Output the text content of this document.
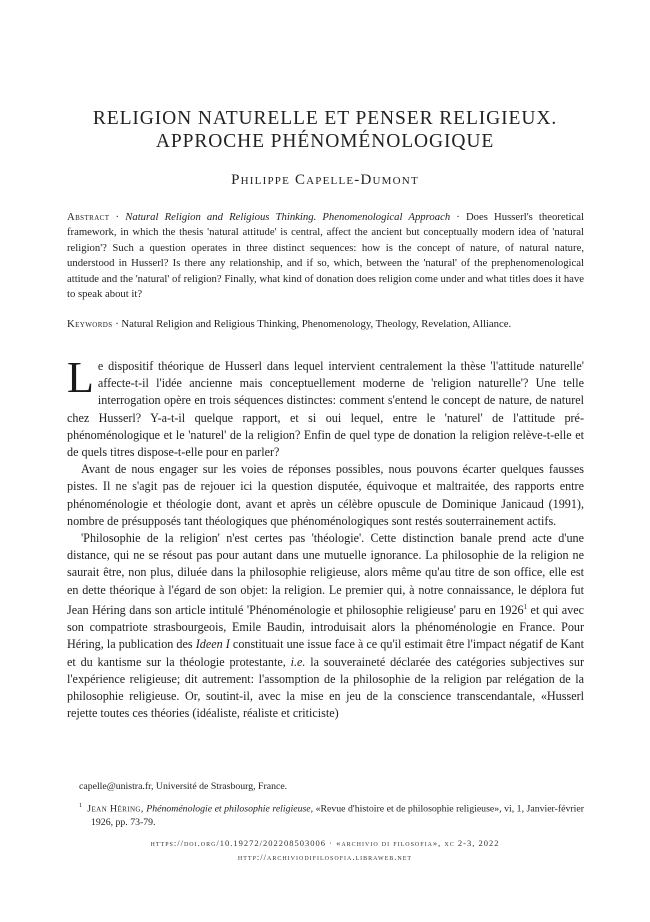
RELIGION NATURELLE ET PENSER RELIGIEUX.
APPROCHE PHÉNOMÉNOLOGIQUE
Philippe Capelle-Dumont
Abstract · Natural Religion and Religious Thinking. Phenomenological Approach · Does Husserl's theoretical framework, in which the thesis 'natural attitude' is central, affect the ancient but conceptually modern idea of 'natural religion'? Such a question operates in three distinct sequences: how is the concept of nature, of natural nature, understood in Husserl? Is there any relationship, and if so, which, between the 'natural' of the prephenomenological attitude and the 'natural' of religion? Finally, what kind of donation does religion come under and what titles does it have to speak about it?
Keywords · Natural Religion and Religious Thinking, Phenomenology, Theology, Revelation, Alliance.

Le dispositif théorique de Husserl dans lequel intervient centralement la thèse 'l'attitude naturelle' affecte-t-il l'idée ancienne mais conceptuellement moderne de 'religion naturelle'? Une telle interrogation opère en trois séquences distinctes: comment s'entend le concept de nature, de naturel chez Husserl? Y-a-t-il quelque rapport, et si oui lequel, entre le 'naturel' de l'attitude pré-phénoménologique et le 'naturel' de la religion? Enfin de quel type de donation la religion relève-t-elle et de quels titres dispose-t-elle pour en parler?

Avant de nous engager sur les voies de réponses possibles, nous pouvons écarter quelques fausses pistes. Il ne s'agit pas de rejouer ici la question disputée, équivoque et maltraitée, des rapports entre phénoménologie et théologie dont, avant et après un célèbre opuscule de Dominique Janicaud (1991), nombre de présupposés tant théologiques que phénoménologiques sont restés souterrainement actifs.

'Philosophie de la religion' n'est certes pas 'théologie'. Cette distinction banale prend acte d'une distance, qui ne se résout pas pour autant dans une mutuelle ignorance. La philosophie de la religion ne saurait être, non plus, diluée dans la philosophie religieuse, alors même qu'au titre de son office, elle est en dette théorique à l'égard de son objet: la religion. Le premier qui, à notre connaissance, le déplora fut Jean Héring dans son article intitulé 'Phénoménologie et philosophie religieuse' paru en 1926$^1$ et qui avec son compatriote strasbourgeois, Emile Baudin, introduisait alors la phénoménologie en France. Pour Héring, la publication des Ideen I constituait une issue face à ce qu'il estimait être l'impact négatif de Kant et du kantisme sur la théologie protestante, i.e. la souveraineté déclarée des catégories subjectives sur l'expérience religieuse; dit autrement: l'assomption de la philosophie de la religion par relégation de la philosophie religieuse. Or, soutint-il, avec la mise en jeu de la conscience transcendantale, «Husserl rejette toutes ces théories (idéaliste, réaliste et criticiste)

capelle@unistra.fr, Université de Strasbourg, France.

$^1$ Jean Héring, Phénoménologie et philosophie religieuse, «Revue d'histoire et de philosophie religieuse», vi, 1, Janvier-février 1926, pp. 73-79.

https://doi.org/10.19272/202208503006 · «archivio di filosofia», xc 2-3, 2022
http://archiviodifilosofia.libraweb.net
